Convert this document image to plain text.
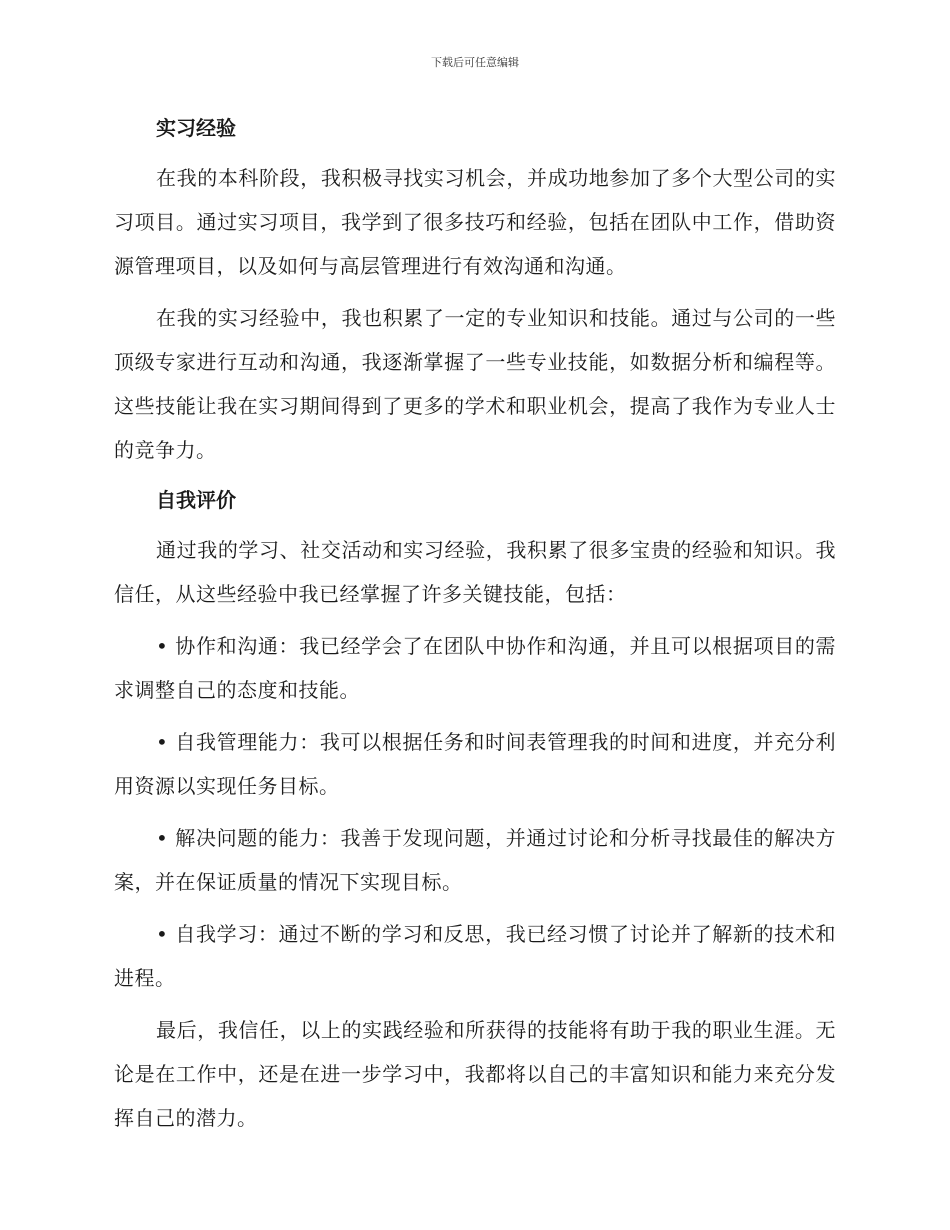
下载后可任意编辑
实习经验

在我的本科阶段，我积极寻找实习机会，并成功地参加了多个大型公司的实习项目。通过实习项目，我学到了很多技巧和经验，包括在团队中工作，借助资源管理项目，以及如何与高层管理进行有效沟通和沟通。

在我的实习经验中，我也积累了一定的专业知识和技能。通过与公司的一些顶级专家进行互动和沟通，我逐渐掌握了一些专业技能，如数据分析和编程等。这些技能让我在实习期间得到了更多的学术和职业机会，提高了我作为专业人士的竞争力。

自我评价

通过我的学习、社交活动和实习经验，我积累了很多宝贵的经验和知识。我信任，从这些经验中我已经掌握了许多关键技能，包括：

• 协作和沟通：我已经学会了在团队中协作和沟通，并且可以根据项目的需求调整自己的态度和技能。

• 自我管理能力：我可以根据任务和时间表管理我的时间和进度，并充分利用资源以实现任务目标。

• 解决问题的能力：我善于发现问题，并通过讨论和分析寻找最佳的解决方案，并在保证质量的情况下实现目标。

• 自我学习：通过不断的学习和反思，我已经习惯了讨论并了解新的技术和进程。

最后，我信任，以上的实践经验和所获得的技能将有助于我的职业生涯。无论是在工作中，还是在进一步学习中，我都将以自己的丰富知识和能力来充分发挥自己的潜力。
